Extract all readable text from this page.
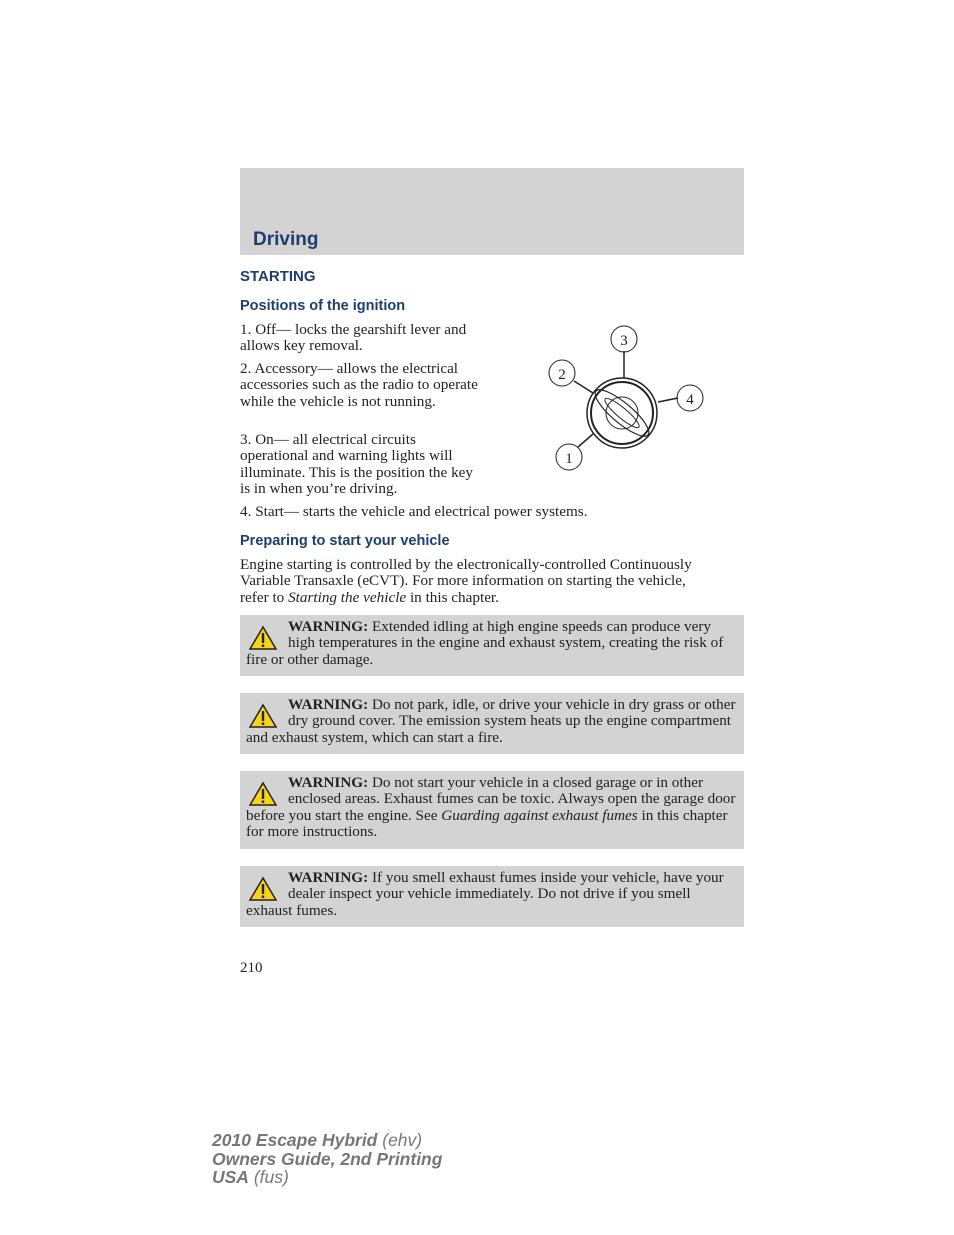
Driving
STARTING
Positions of the ignition
1. Off— locks the gearshift lever and allows key removal.
2. Accessory— allows the electrical accessories such as the radio to operate while the vehicle is not running.
3. On— all electrical circuits operational and warning lights will illuminate. This is the position the key is in when you’re driving.
4. Start— starts the vehicle and electrical power systems.
1
2
3
4
Preparing to start your vehicle
Engine starting is controlled by the electronically-controlled Continuously Variable Transaxle (eCVT). For more information on starting the vehicle, refer to Starting the vehicle in this chapter.
WARNING: Extended idling at high engine speeds can produce very high temperatures in the engine and exhaust system, creating the risk of fire or other damage.
WARNING: Do not park, idle, or drive your vehicle in dry grass or other dry ground cover. The emission system heats up the engine compartment and exhaust system, which can start a fire.
WARNING: Do not start your vehicle in a closed garage or in other enclosed areas. Exhaust fumes can be toxic. Always open the garage door before you start the engine. See Guarding against exhaust fumes in this chapter for more instructions.
WARNING: If you smell exhaust fumes inside your vehicle, have your dealer inspect your vehicle immediately. Do not drive if you smell exhaust fumes.
210
2010 Escape Hybrid (ehv)
Owners Guide, 2nd Printing
USA (fus)
